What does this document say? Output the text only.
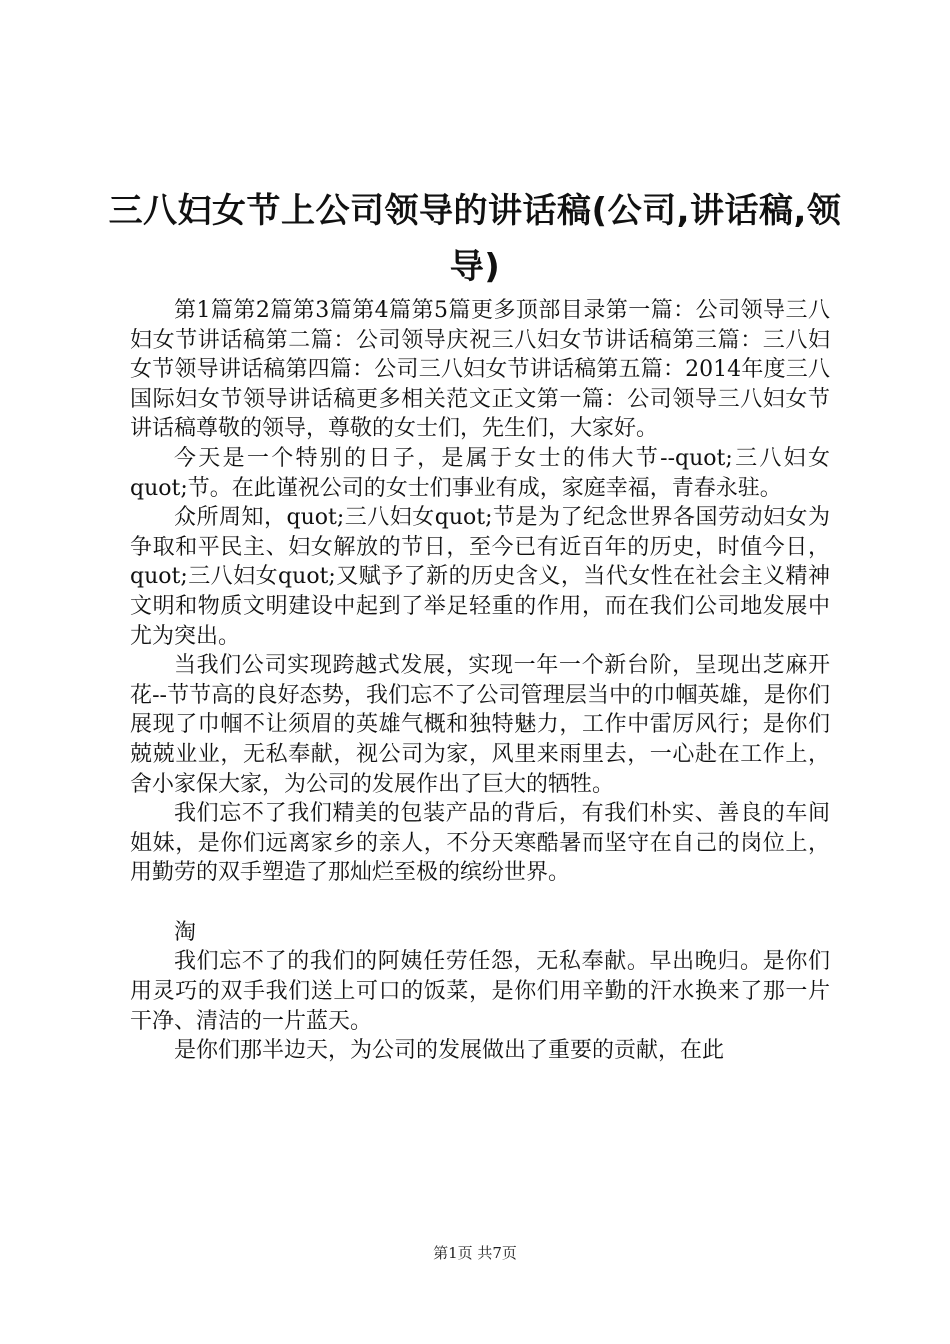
三八妇女节上公司领导的讲话稿(公司,讲话稿,领导)

第1篇第2篇第3篇第4篇第5篇更多顶部目录第一篇：公司领导三八妇女节讲话稿第二篇：公司领导庆祝三八妇女节讲话稿第三篇：三八妇女节领导讲话稿第四篇：公司三八妇女节讲话稿第五篇：2014年度三八国际妇女节领导讲话稿更多相关范文正文第一篇：公司领导三八妇女节讲话稿尊敬的领导，尊敬的女士们，先生们，大家好。

今天是一个特别的日子，是属于女士的伟大节--quot;三八妇女quot;节。在此谨祝公司的女士们事业有成，家庭幸福，青春永驻。

众所周知，quot;三八妇女quot;节是为了纪念世界各国劳动妇女为争取和平民主、妇女解放的节日，至今已有近百年的历史，时值今日，quot;三八妇女quot;又赋予了新的历史含义，当代女性在社会主义精神文明和物质文明建设中起到了举足轻重的作用，而在我们公司地发展中尤为突出。

当我们公司实现跨越式发展，实现一年一个新台阶，呈现出芝麻开花--节节高的良好态势，我们忘不了公司管理层当中的巾帼英雄，是你们展现了巾帼不让须眉的英雄气概和独特魅力，工作中雷厉风行；是你们兢兢业业，无私奉献，视公司为家，风里来雨里去，一心赴在工作上，舍小家保大家，为公司的发展作出了巨大的牺牲。

我们忘不了我们精美的包装产品的背后，有我们朴实、善良的车间姐妹，是你们远离家乡的亲人，不分天寒酷暑而坚守在自己的岗位上，用勤劳的双手塑造了那灿烂至极的缤纷世界。

淘

我们忘不了的我们的阿姨任劳任怨，无私奉献。早出晚归。是你们用灵巧的双手我们送上可口的饭菜，是你们用辛勤的汗水换来了那一片干净、清洁的一片蓝天。

是你们那半边天，为公司的发展做出了重要的贡献，在此

第1页 共7页
